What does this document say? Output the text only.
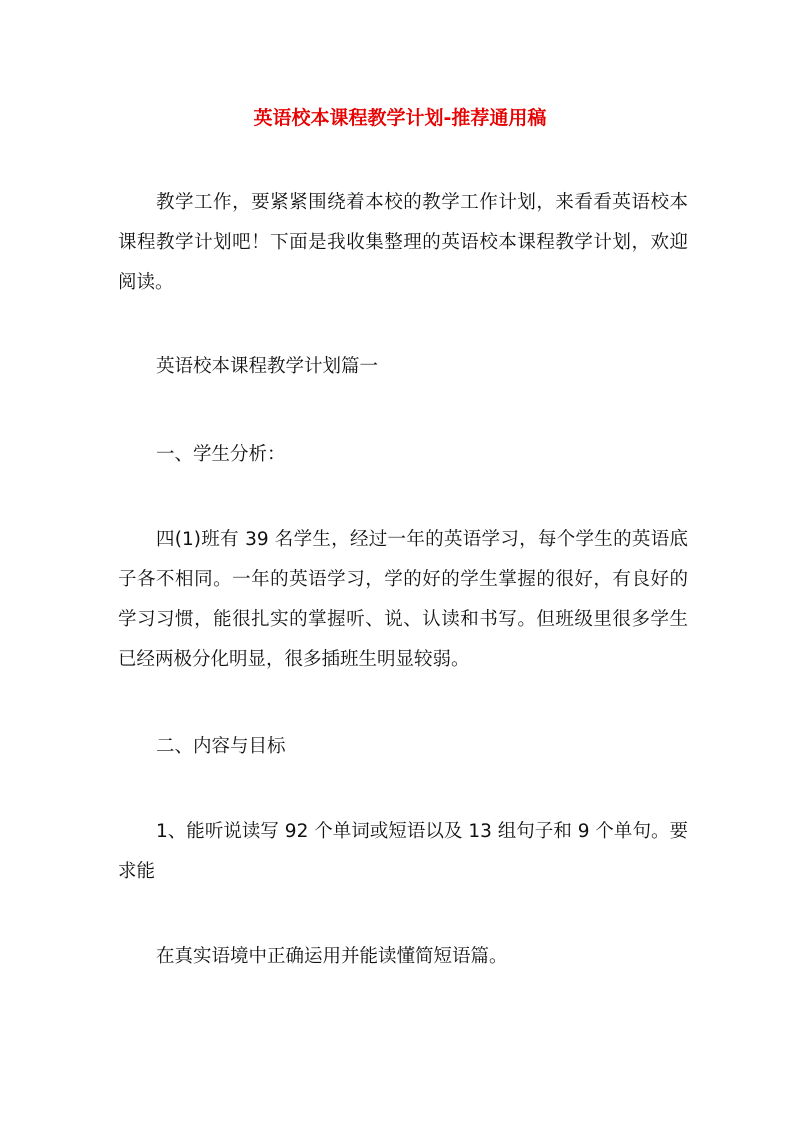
英语校本课程教学计划-推荐通用稿

教学工作，要紧紧围绕着本校的教学工作计划，来看看英语校本课程教学计划吧！下面是我收集整理的英语校本课程教学计划，欢迎阅读。

英语校本课程教学计划篇一

一、学生分析：

四(1)班有 39 名学生，经过一年的英语学习，每个学生的英语底子各不相同。一年的英语学习，学的好的学生掌握的很好，有良好的学习习惯，能很扎实的掌握听、说、认读和书写。但班级里很多学生已经两极分化明显，很多插班生明显较弱。

二、内容与目标

1、能听说读写 92 个单词或短语以及 13 组句子和 9 个单句。要求能

在真实语境中正确运用并能读懂简短语篇。
